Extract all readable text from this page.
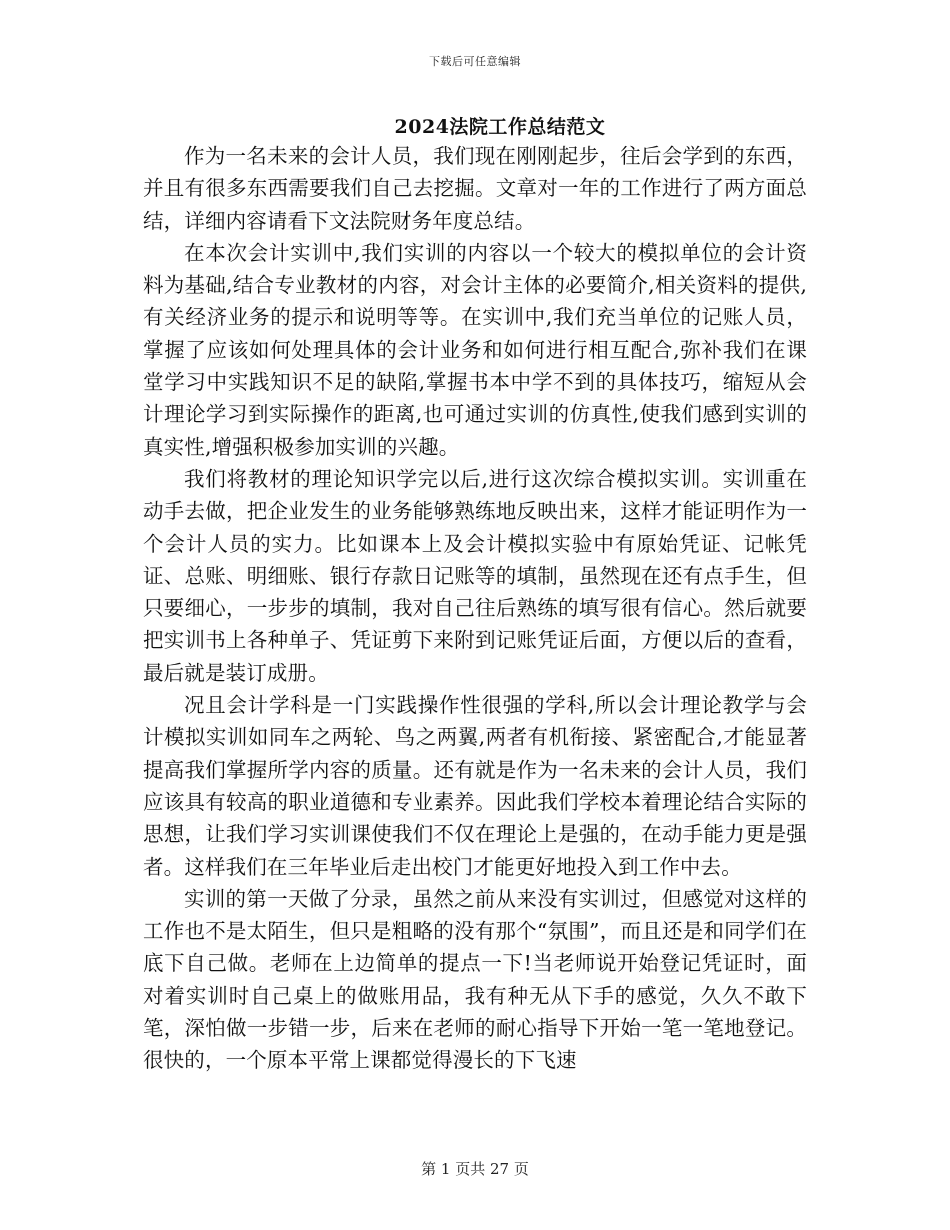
下载后可任意编辑
2024法院工作总结范文

作为一名未来的会计人员，我们现在刚刚起步，往后会学到的东西，并且有很多东西需要我们自己去挖掘。文章对一年的工作进行了两方面总结，详细内容请看下文法院财务年度总结。

在本次会计实训中,我们实训的内容以一个较大的模拟单位的会计资料为基础,结合专业教材的内容，对会计主体的必要简介,相关资料的提供,有关经济业务的提示和说明等等。在实训中,我们充当单位的记账人员，掌握了应该如何处理具体的会计业务和如何进行相互配合,弥补我们在课堂学习中实践知识不足的缺陷,掌握书本中学不到的具体技巧，缩短从会计理论学习到实际操作的距离,也可通过实训的仿真性,使我们感到实训的真实性,增强积极参加实训的兴趣。

我们将教材的理论知识学完以后,进行这次综合模拟实训。实训重在动手去做，把企业发生的业务能够熟练地反映出来，这样才能证明作为一个会计人员的实力。比如课本上及会计模拟实验中有原始凭证、记帐凭证、总账、明细账、银行存款日记账等的填制，虽然现在还有点手生，但只要细心，一步步的填制，我对自己往后熟练的填写很有信心。然后就要把实训书上各种单子、凭证剪下来附到记账凭证后面，方便以后的查看，最后就是装订成册。

况且会计学科是一门实践操作性很强的学科,所以会计理论教学与会计模拟实训如同车之两轮、鸟之两翼,两者有机衔接、紧密配合,才能显著提高我们掌握所学内容的质量。还有就是作为一名未来的会计人员，我们应该具有较高的职业道德和专业素养。因此我们学校本着理论结合实际的思想，让我们学习实训课使我们不仅在理论上是强的，在动手能力更是强者。这样我们在三年毕业后走出校门才能更好地投入到工作中去。

实训的第一天做了分录，虽然之前从来没有实训过，但感觉对这样的工作也不是太陌生，但只是粗略的没有那个“氛围”，而且还是和同学们在底下自己做。老师在上边简单的提点一下!当老师说开始登记凭证时，面对着实训时自己桌上的做账用品，我有种无从下手的感觉，久久不敢下笔，深怕做一步错一步，后来在老师的耐心指导下开始一笔一笔地登记。很快的，一个原本平常上课都觉得漫长的下飞速

第 1 页共 27 页
